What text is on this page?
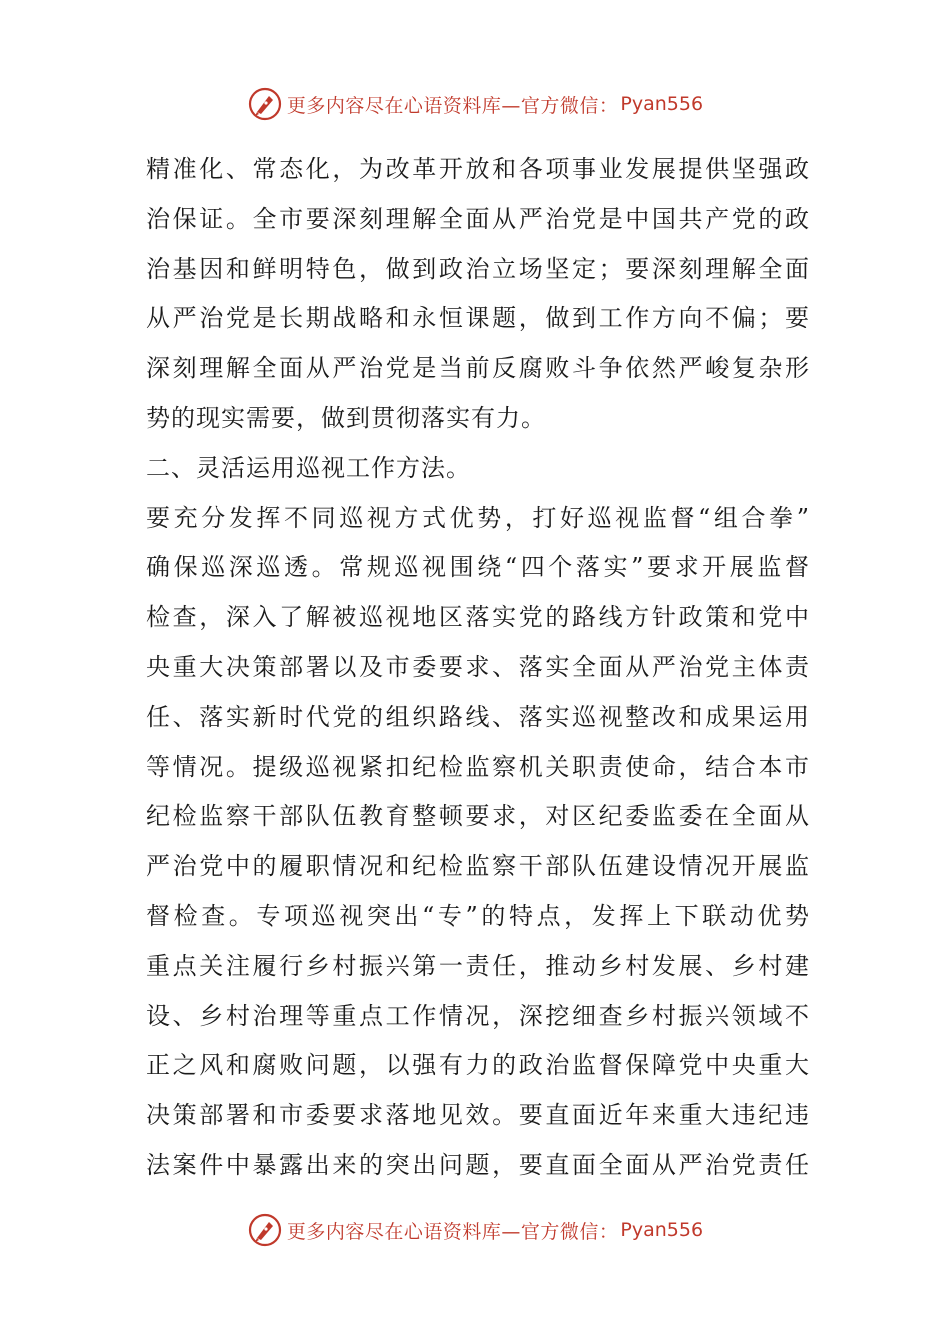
更多内容尽在心语资料库—官方微信： Pyan556
精准化、常态化，为改革开放和各项事业发展提供坚强政
治保证。全市要深刻理解全面从严治党是中国共产党的政
治基因和鲜明特色，做到政治立场坚定；要深刻理解全面
从严治党是长期战略和永恒课题，做到工作方向不偏；要
深刻理解全面从严治党是当前反腐败斗争依然严峻复杂形
势的现实需要，做到贯彻落实有力。
二、灵活运用巡视工作方法。
要充分发挥不同巡视方式优势，打好巡视监督“组合拳”
确保巡深巡透。常规巡视围绕“四个落实”要求开展监督
检查，深入了解被巡视地区落实党的路线方针政策和党中
央重大决策部署以及市委要求、落实全面从严治党主体责
任、落实新时代党的组织路线、落实巡视整改和成果运用
等情况。提级巡视紧扣纪检监察机关职责使命，结合本市
纪检监察干部队伍教育整顿要求，对区纪委监委在全面从
严治党中的履职情况和纪检监察干部队伍建设情况开展监
督检查。专项巡视突出“专”的特点，发挥上下联动优势
重点关注履行乡村振兴第一责任，推动乡村发展、乡村建
设、乡村治理等重点工作情况，深挖细查乡村振兴领域不
正之风和腐败问题，以强有力的政治监督保障党中央重大
决策部署和市委要求落地见效。要直面近年来重大违纪违
法案件中暴露出来的突出问题，要直面全面从严治党责任
更多内容尽在心语资料库—官方微信： Pyan556
